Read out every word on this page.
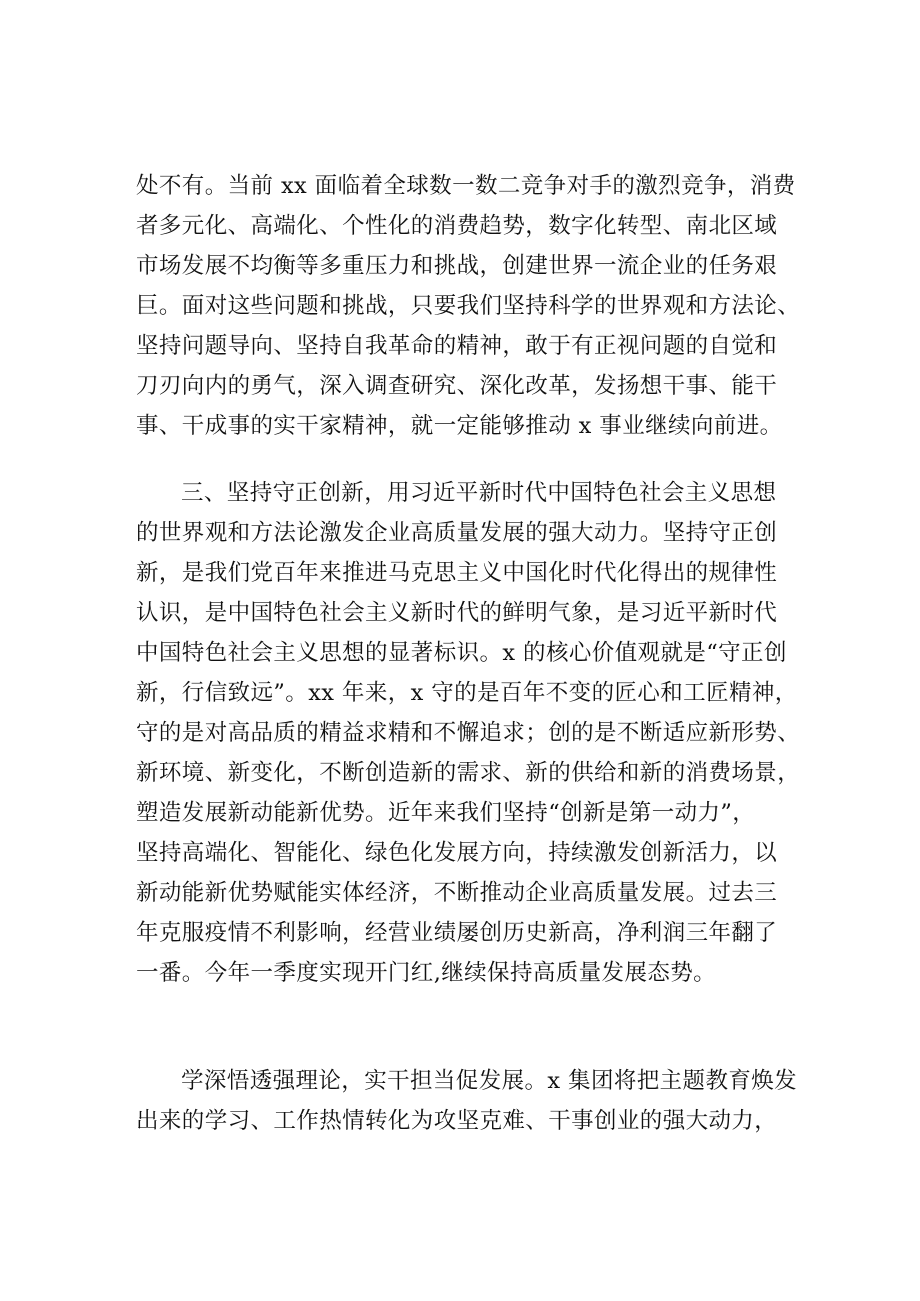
处不有。当前 xx 面临着全球数一数二竞争对手的激烈竞争，消费
者多元化、高端化、个性化的消费趋势，数字化转型、南北区域
市场发展不均衡等多重压力和挑战，创建世界一流企业的任务艰
巨。面对这些问题和挑战，只要我们坚持科学的世界观和方法论、
坚持问题导向、坚持自我革命的精神，敢于有正视问题的自觉和
刀刃向内的勇气，深入调查研究、深化改革，发扬想干事、能干
事、干成事的实干家精神，就一定能够推动 x 事业继续向前进。
三、坚持守正创新，用习近平新时代中国特色社会主义思想
的世界观和方法论激发企业高质量发展的强大动力。坚持守正创
新，是我们党百年来推进马克思主义中国化时代化得出的规律性
认识，是中国特色社会主义新时代的鲜明气象，是习近平新时代
中国特色社会主义思想的显著标识。x 的核心价值观就是“守正创
新，行信致远”。xx 年来，x 守的是百年不变的匠心和工匠精神，
守的是对高品质的精益求精和不懈追求；创的是不断适应新形势、
新环境、新变化，不断创造新的需求、新的供给和新的消费场景，
塑造发展新动能新优势。近年来我们坚持“创新是第一动力”，
坚持高端化、智能化、绿色化发展方向，持续激发创新活力，以
新动能新优势赋能实体经济，不断推动企业高质量发展。过去三
年克服疫情不利影响，经营业绩屡创历史新高，净利润三年翻了
一番。今年一季度实现开门红,继续保持高质量发展态势。
学深悟透强理论，实干担当促发展。x 集团将把主题教育焕发
出来的学习、工作热情转化为攻坚克难、干事创业的强大动力，
